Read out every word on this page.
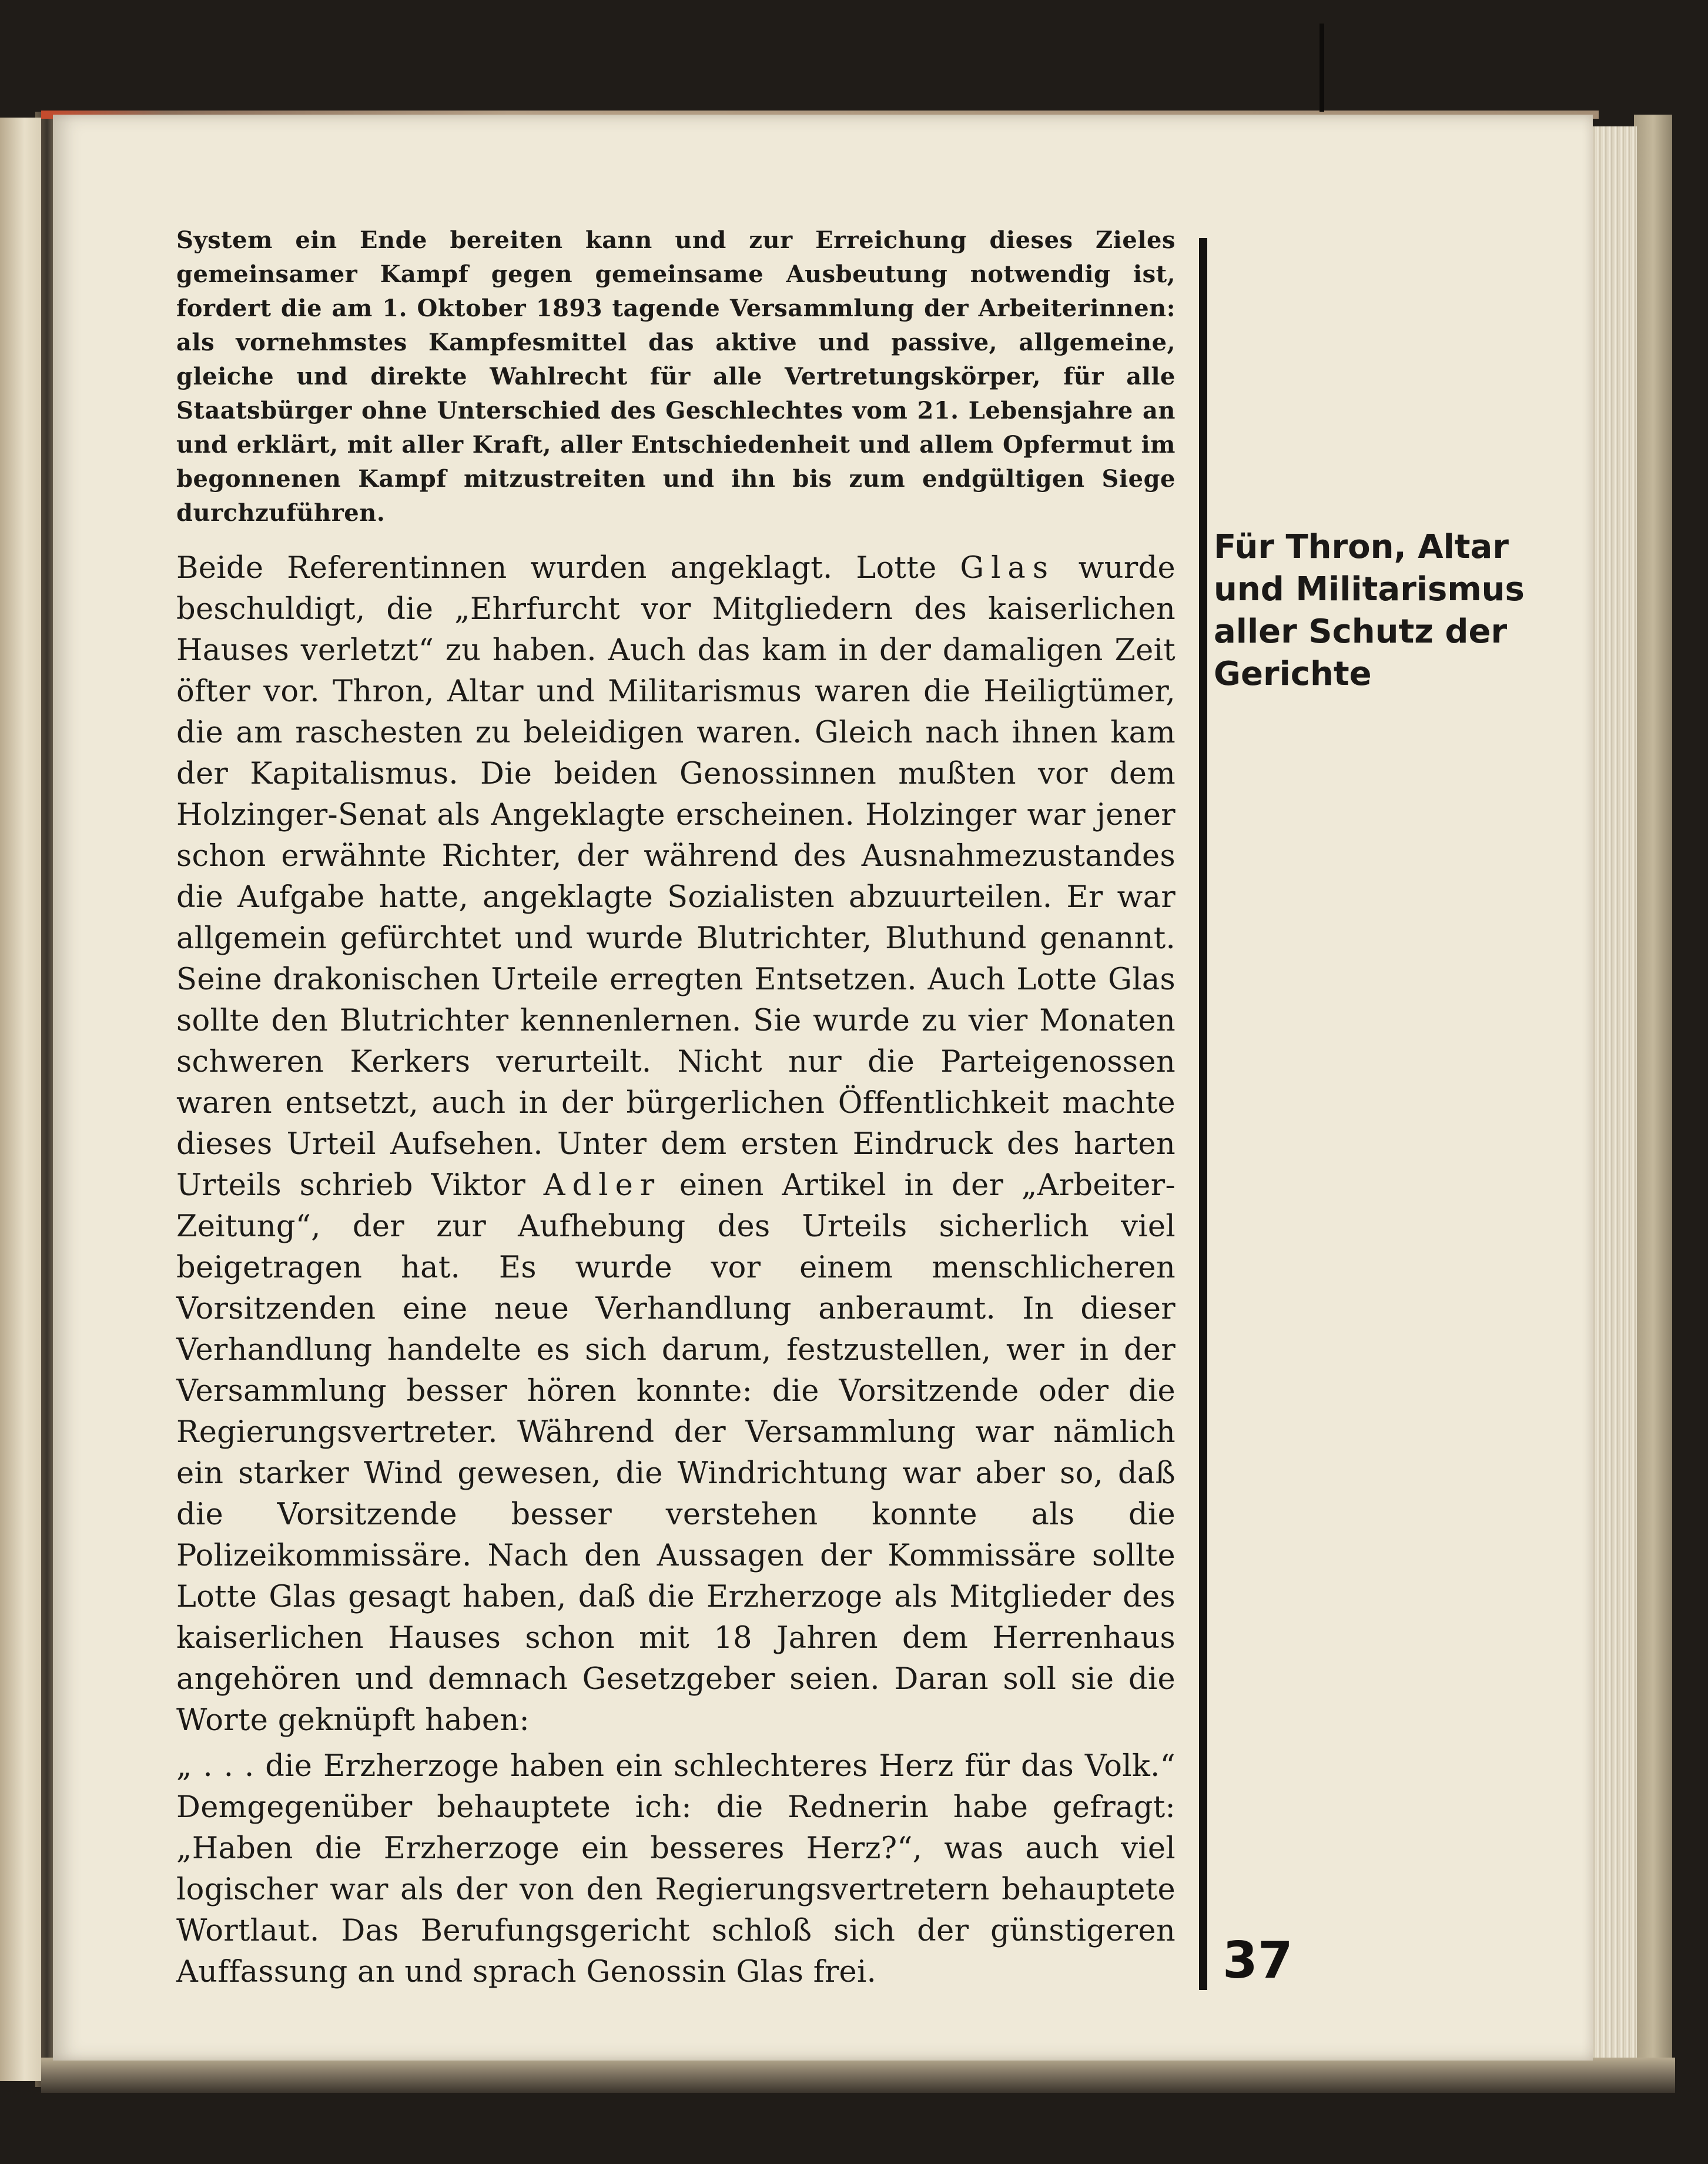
System ein Ende bereiten kann und zur Erreichung dieses Zieles gemeinsamer Kampf gegen gemeinsame Ausbeutung notwendig ist, fordert die am 1. Oktober 1893 tagende Versammlung der Arbeiterinnen: als vornehmstes Kampfesmittel das aktive und passive, allgemeine, gleiche und direkte Wahlrecht für alle Vertretungskörper, für alle Staatsbürger ohne Unterschied des Geschlechtes vom 21. Lebensjahre an und erklärt, mit aller Kraft, aller Entschiedenheit und allem Opfermut im begonnenen Kampf mitzustreiten und ihn bis zum endgültigen Siege durchzuführen.

Beide Referentinnen wurden angeklagt. Lotte Glas wurde beschuldigt, die „Ehrfurcht vor Mitgliedern des kaiserlichen Hauses verletzt“ zu haben. Auch das kam in der damaligen Zeit öfter vor. Thron, Altar und Militarismus waren die Heiligtümer, die am raschesten zu beleidigen waren. Gleich nach ihnen kam der Kapitalismus. Die beiden Genossinnen mußten vor dem Holzinger-Senat als Angeklagte erscheinen. Holzinger war jener schon erwähnte Richter, der während des Ausnahmezustandes die Aufgabe hatte, angeklagte Sozialisten abzuurteilen. Er war allgemein gefürchtet und wurde Blutrichter, Bluthund genannt. Seine drakonischen Urteile erregten Entsetzen. Auch Lotte Glas sollte den Blutrichter kennenlernen. Sie wurde zu vier Monaten schweren Kerkers verurteilt. Nicht nur die Parteigenossen waren entsetzt, auch in der bürgerlichen Öffentlichkeit machte dieses Urteil Aufsehen. Unter dem ersten Eindruck des harten Urteils schrieb Viktor Adler einen Artikel in der „Arbeiter-Zeitung“, der zur Aufhebung des Urteils sicherlich viel beigetragen hat. Es wurde vor einem menschlicheren Vorsitzenden eine neue Verhandlung anberaumt. In dieser Verhandlung handelte es sich darum, festzustellen, wer in der Versammlung besser hören konnte: die Vorsitzende oder die Regierungsvertreter. Während der Versammlung war nämlich ein starker Wind gewesen, die Windrichtung war aber so, daß die Vorsitzende besser verstehen konnte als die Polizeikommissäre. Nach den Aussagen der Kommissäre sollte Lotte Glas gesagt haben, daß die Erzherzoge als Mitglieder des kaiserlichen Hauses schon mit 18 Jahren dem Herrenhaus angehören und demnach Gesetzgeber seien. Daran soll sie die Worte geknüpft haben:

„ . . . die Erzherzoge haben ein schlechteres Herz für das Volk.“ Demgegenüber behauptete ich: die Rednerin habe gefragt: „Haben die Erzherzoge ein besseres Herz?“, was auch viel logischer war als der von den Regierungsvertretern behauptete Wortlaut. Das Berufungsgericht schloß sich der günstigeren Auffassung an und sprach Genossin Glas frei.

Für Thron, Altar und Militarismus aller Schutz der Gerichte
37
